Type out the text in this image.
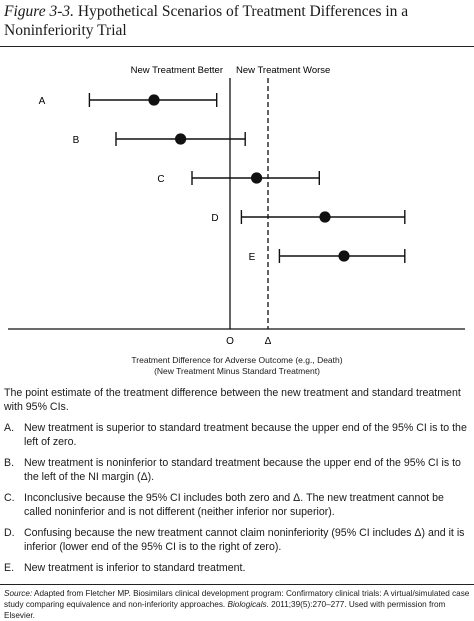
Figure 3-3. Hypothetical Scenarios of Treatment Differences in a Noninferiority Trial
New Treatment Better New Treatment Worse
O	Δ
A
B
C
D
E
Treatment Difference for Adverse Outcome (e.g., Death)
(New Treatment Minus Standard Treatment)

The point estimate of the treatment difference between the new treatment and standard treatment with 95% CIs.

A. New treatment is superior to standard treatment because the upper end of the 95% CI is to the left of zero.
B. New treatment is noninferior to standard treatment because the upper end of the 95% CI is to the left of the NI margin (Δ).
C. Inconclusive because the 95% CI includes both zero and Δ. The new treatment cannot be called noninferior and is not different (neither inferior nor superior).
D. Confusing because the new treatment cannot claim noninferiority (95% CI includes Δ) and it is inferior (lower end of the 95% CI is to the right of zero).
E. New treatment is inferior to standard treatment.
Source: Adapted from Fletcher MP. Biosimilars clinical development program: Confirmatory clinical trials: A virtual/simulated case study comparing equivalence and non-inferiority approaches. Biologicals. 2011;39(5):270–277. Used with permission from Elsevier.
